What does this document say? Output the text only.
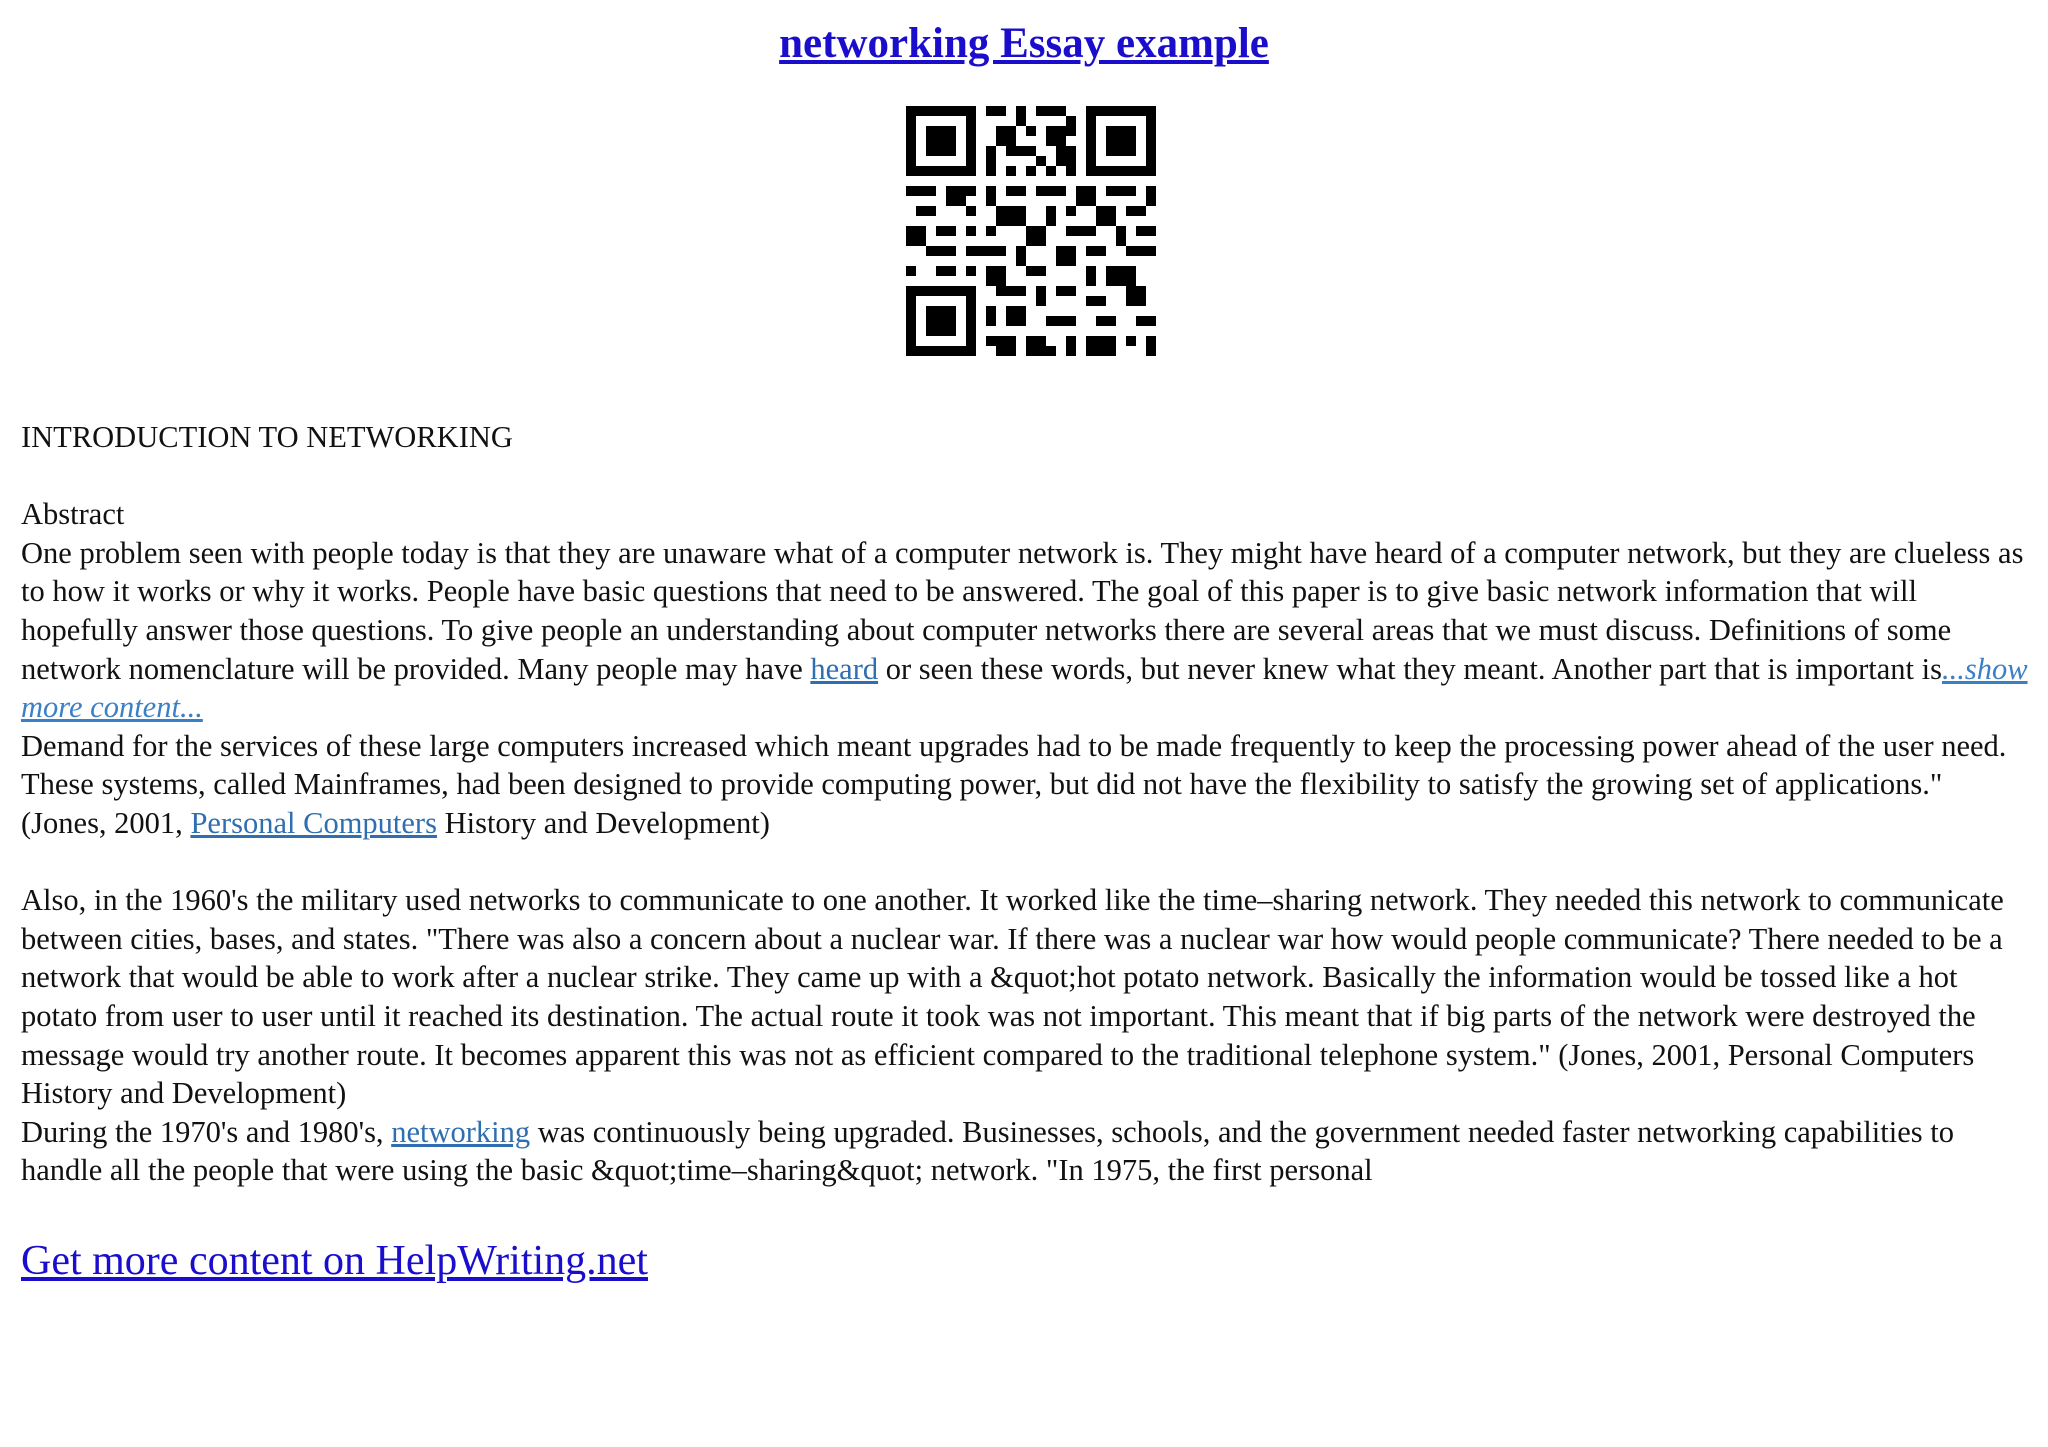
networking Essay example

INTRODUCTION TO NETWORKING

Abstract

One problem seen with people today is that they are unaware what of a computer network is. They might have heard of a computer network, but they are clueless as to how it works or why it works. People have basic questions that need to be answered. The goal of this paper is to give basic network information that will hopefully answer those questions. To give people an understanding about computer networks there are several areas that we must discuss. Definitions of some network nomenclature will be provided. Many people may have heard or seen these words, but never knew what they meant. Another part that is important is...show more content...

Demand for the services of these large computers increased which meant upgrades had to be made frequently to keep the processing power ahead of the user need. These systems, called Mainframes, had been designed to provide computing power, but did not have the flexibility to satisfy the growing set of applications." (Jones, 2001, Personal Computers History and Development)

Also, in the 1960's the military used networks to communicate to one another. It worked like the time–sharing network. They needed this network to communicate between cities, bases, and states. "There was also a concern about a nuclear war. If there was a nuclear war how would people communicate? There needed to be a network that would be able to work after a nuclear strike. They came up with a &quot;hot potato network. Basically the information would be tossed like a hot potato from user to user until it reached its destination. The actual route it took was not important. This meant that if big parts of the network were destroyed the message would try another route. It becomes apparent this was not as efficient compared to the traditional telephone system." (Jones, 2001, Personal Computers History and Development)

During the 1970's and 1980's, networking was continuously being upgraded. Businesses, schools, and the government needed faster networking capabilities to handle all the people that were using the basic &quot;time–sharing&quot; network. "In 1975, the first personal

Get more content on HelpWriting.net
